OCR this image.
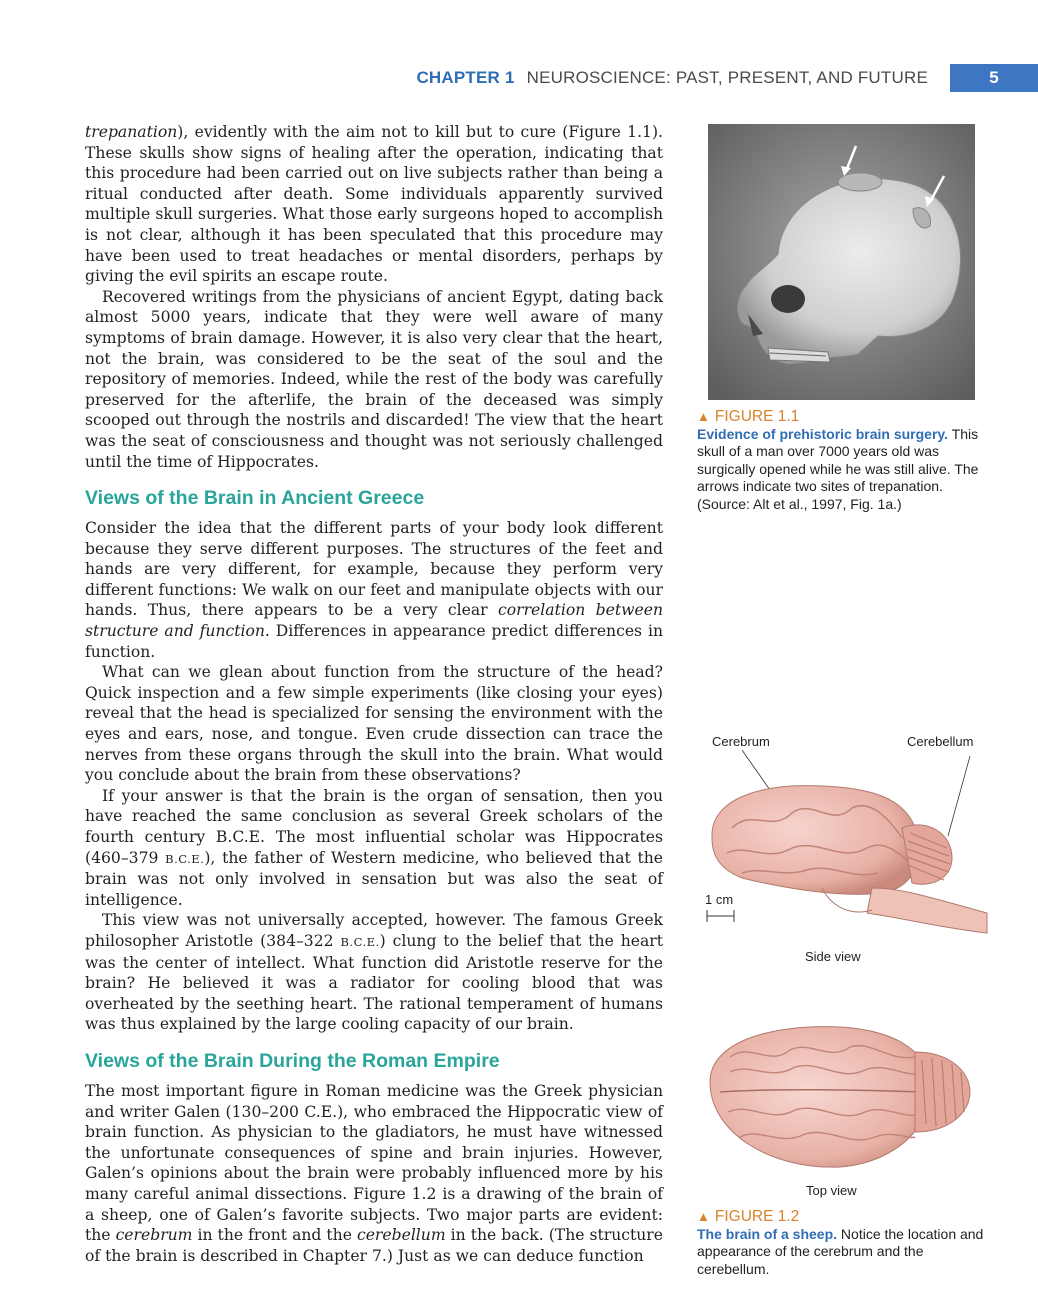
CHAPTER 1 NEUROSCIENCE: PAST, PRESENT, AND FUTURE	5

trepanation), evidently with the aim not to kill but to cure (Figure 1.1). These skulls show signs of healing after the operation, indicating that this procedure had been carried out on live subjects rather than being a ritual conducted after death. Some individuals apparently survived multiple skull surgeries. What those early surgeons hoped to accomplish is not clear, although it has been speculated that this procedure may have been used to treat headaches or mental disorders, perhaps by giving the evil spirits an escape route.

Recovered writings from the physicians of ancient Egypt, dating back almost 5000 years, indicate that they were well aware of many symptoms of brain damage. However, it is also very clear that the heart, not the brain, was considered to be the seat of the soul and the repository of memories. Indeed, while the rest of the body was carefully preserved for the afterlife, the brain of the deceased was simply scooped out through the nostrils and discarded! The view that the heart was the seat of consciousness and thought was not seriously challenged until the time of Hippocrates.

Views of the Brain in Ancient Greece

Consider the idea that the different parts of your body look different because they serve different purposes. The structures of the feet and hands are very different, for example, because they perform very different functions: We walk on our feet and manipulate objects with our hands. Thus, there appears to be a very clear correlation between structure and function. Differences in appearance predict differences in function.

What can we glean about function from the structure of the head? Quick inspection and a few simple experiments (like closing your eyes) reveal that the head is specialized for sensing the environment with the eyes and ears, nose, and tongue. Even crude dissection can trace the nerves from these organs through the skull into the brain. What would you conclude about the brain from these observations?

If your answer is that the brain is the organ of sensation, then you have reached the same conclusion as several Greek scholars of the fourth century B.C.E. The most influential scholar was Hippocrates (460–379 B.C.E.), the father of Western medicine, who believed that the brain was not only involved in sensation but was also the seat of intelligence.

This view was not universally accepted, however. The famous Greek philosopher Aristotle (384–322 B.C.E.) clung to the belief that the heart was the center of intellect. What function did Aristotle reserve for the brain? He believed it was a radiator for cooling blood that was overheated by the seething heart. The rational temperament of humans was thus explained by the large cooling capacity of our brain.

Views of the Brain During the Roman Empire

The most important figure in Roman medicine was the Greek physician and writer Galen (130–200 C.E.), who embraced the Hippocratic view of brain function. As physician to the gladiators, he must have witnessed the unfortunate consequences of spine and brain injuries. However, Galen’s opinions about the brain were probably influenced more by his many careful animal dissections. Figure 1.2 is a drawing of the brain of a sheep, one of Galen’s favorite subjects. Two major parts are evident: the cerebrum in the front and the cerebellum in the back. (The structure of the brain is described in Chapter 7.) Just as we can deduce function

▲ FIGURE 1.1
Evidence of prehistoric brain surgery. This skull of a man over 7000 years old was surgically opened while he was still alive. The arrows indicate two sites of trepanation. (Source: Alt et al., 1997, Fig. 1a.)
Cerebrum	Cerebellum
1 cm
Side view
Top view
▲ FIGURE 1.2
The brain of a sheep. Notice the location and appearance of the cerebrum and the cerebellum.
